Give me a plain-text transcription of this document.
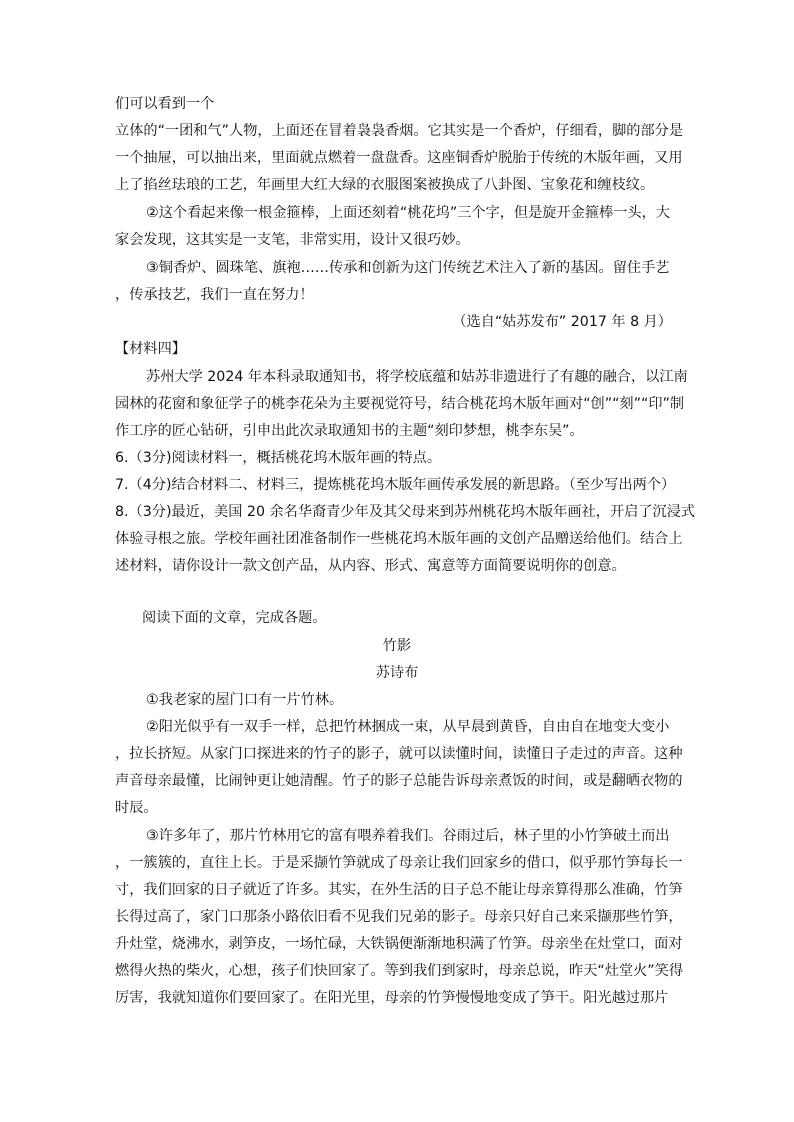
们可以看到一个
立体的“一团和气”人物，上面还在冒着袅袅香烟。它其实是一个香炉，仔细看，脚的部分是
一个抽屉，可以抽出来，里面就点燃着一盘盘香。这座铜香炉脱胎于传统的木版年画，又用
上了掐丝珐琅的工艺，年画里大红大绿的衣服图案被换成了八卦图、宝象花和缠枝纹。
②这个看起来像一根金箍棒，上面还刻着“桃花坞”三个字，但是旋开金箍棒一头，大
家会发现，这其实是一支笔，非常实用，设计又很巧妙。
③铜香炉、圆珠笔、旗袍……传承和创新为这门传统艺术注入了新的基因。留住手艺
，传承技艺，我们一直在努力！
（选自“姑苏发布” 2017 年 8 月）
【材料四】
苏州大学 2024 年本科录取通知书，将学校底蕴和姑苏非遗进行了有趣的融合，以江南
园林的花窗和象征学子的桃李花朵为主要视觉符号，结合桃花坞木版年画对“创”“刻”“印”制
作工序的匠心钻研，引申出此次录取通知书的主题“刻印梦想，桃李东吴”。
6.（3分)阅读材料一，概括桃花坞木版年画的特点。
7.（4分)结合材料二、材料三，提炼桃花坞木版年画传承发展的新思路。（至少写出两个）
8.（3分)最近，美国 20 余名华裔青少年及其父母来到苏州桃花坞木版年画社，开启了沉浸式
体验寻根之旅。学校年画社团准备制作一些桃花坞木版年画的文创产品赠送给他们。结合上
述材料，请你设计一款文创产品，从内容、形式、寓意等方面简要说明你的创意。
阅读下面的文章，完成各题。
竹影
苏诗布
①我老家的屋门口有一片竹林。
②阳光似乎有一双手一样，总把竹林捆成一束，从早晨到黄昏，自由自在地变大变小
，拉长挤短。从家门口探进来的竹子的影子，就可以读懂时间，读懂日子走过的声音。这种
声音母亲最懂，比闹钟更让她清醒。竹子的影子总能告诉母亲煮饭的时间，或是翻晒衣物的
时辰。
③许多年了，那片竹林用它的富有喂养着我们。谷雨过后，林子里的小竹笋破土而出
，一簇簇的，直往上长。于是采撷竹笋就成了母亲让我们回家乡的借口，似乎那竹笋每长一
寸，我们回家的日子就近了许多。其实，在外生活的日子总不能让母亲算得那么准确，竹笋
长得过高了，家门口那条小路依旧看不见我们兄弟的影子。母亲只好自己来采撷那些竹笋，
升灶堂，烧沸水，剥笋皮，一场忙碌，大铁锅便渐渐地积满了竹笋。母亲坐在灶堂口，面对
燃得火热的柴火，心想，孩子们快回家了。等到我们到家时，母亲总说，昨天“灶堂火”笑得
厉害，我就知道你们要回家了。在阳光里，母亲的竹笋慢慢地变成了笋干。阳光越过那片
